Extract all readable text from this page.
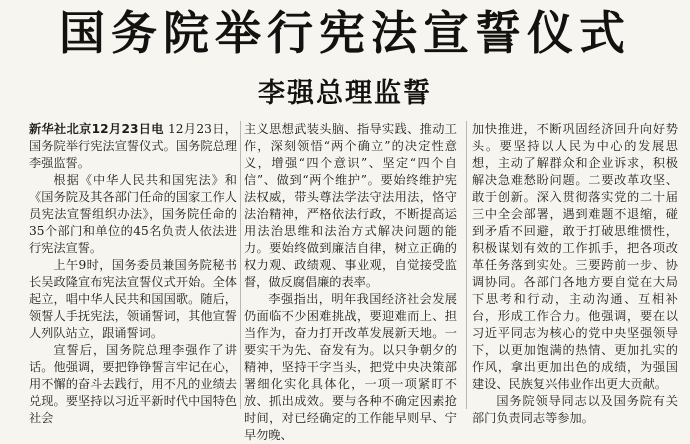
国务院举行宪法宣誓仪式
李强总理监誓

新华社北京12月23日电 12月23日，国务院举行宪法宣誓仪式。国务院总理李强监誓。

根据《中华人民共和国宪法》和《国务院及其各部门任命的国家工作人员宪法宣誓组织办法》，国务院任命的35个部门和单位的45名负责人依法进行宪法宣誓。

上午9时，国务委员兼国务院秘书长吴政隆宣布宪法宣誓仪式开始。全体起立，唱中华人民共和国国歌。随后，领誓人手抚宪法，领诵誓词，其他宣誓人列队站立，跟诵誓词。

宣誓后，国务院总理李强作了讲话。他强调，要把铮铮誓言牢记在心，用不懈的奋斗去践行，用不凡的业绩去兑现。要坚持以习近平新时代中国特色社会

主义思想武装头脑、指导实践、推动工作，深刻领悟“两个确立”的决定性意义，增强“四个意识”、坚定“四个自信”、做到“两个维护”。要始终维护宪法权威，带头尊法学法守法用法，恪守法治精神，严格依法行政，不断提高运用法治思维和法治方式解决问题的能力。要始终做到廉洁自律，树立正确的权力观、政绩观、事业观，自觉接受监督，做反腐倡廉的表率。

李强指出，明年我国经济社会发展仍面临不少困难挑战，要迎难而上、担当作为，奋力打开改革发展新天地。一要实干为先、奋发有为。以只争朝夕的精神，坚持干字当头，把党中央决策部署细化实化具体化，一项一项紧盯不放、抓出成效。要与各种不确定因素抢时间，对已经确定的工作能早则早、宁早勿晚、

加快推进，不断巩固经济回升向好势头。要坚持以人民为中心的发展思想，主动了解群众和企业诉求，积极解决急难愁盼问题。二要改革攻坚、敢于创新。深入贯彻落实党的二十届三中全会部署，遇到难题不退缩，碰到矛盾不回避，敢于打破思维惯性，积极谋划有效的工作抓手，把各项改革任务落到实处。三要跨前一步、协调协同。各部门各地方要自觉在大局下思考和行动，主动沟通、互相补台，形成工作合力。他强调，要在以习近平同志为核心的党中央坚强领导下，以更加饱满的热情、更加扎实的作风，拿出更加出色的成绩，为强国建设、民族复兴伟业作出更大贡献。

国务院领导同志以及国务院有关部门负责同志等参加。
